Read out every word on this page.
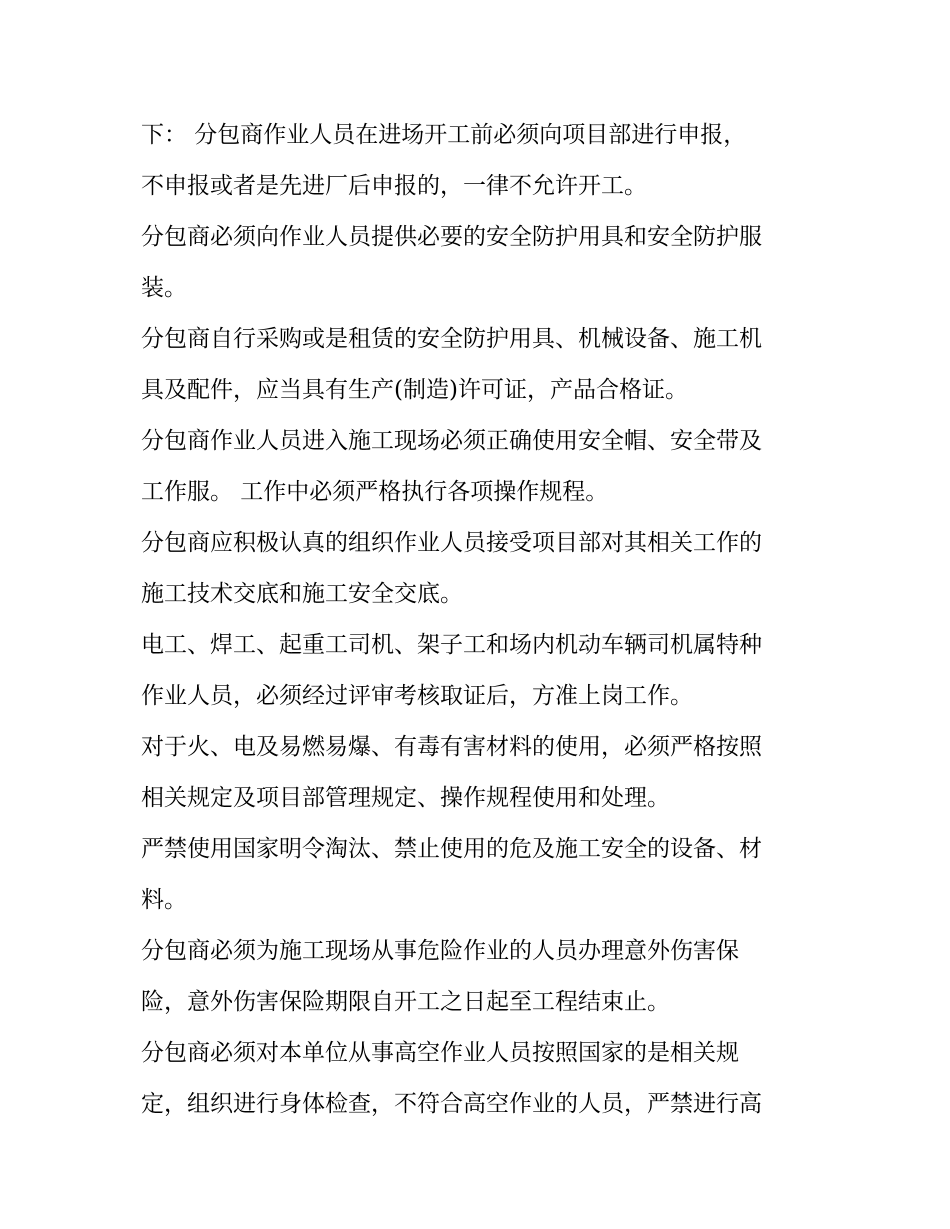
下： 分包商作业人员在进场开工前必须向项目部进行申报，
不申报或者是先进厂后申报的，一律不允许开工。
分包商必须向作业人员提供必要的安全防护用具和安全防护服
装。
分包商自行采购或是租赁的安全防护用具、机械设备、施工机
具及配件，应当具有生产(制造)许可证，产品合格证。
分包商作业人员进入施工现场必须正确使用安全帽、安全带及
工作服。 工作中必须严格执行各项操作规程。
分包商应积极认真的组织作业人员接受项目部对其相关工作的
施工技术交底和施工安全交底。
电工、焊工、起重工司机、架子工和场内机动车辆司机属特种
作业人员，必须经过评审考核取证后，方准上岗工作。
对于火、电及易燃易爆、有毒有害材料的使用，必须严格按照
相关规定及项目部管理规定、操作规程使用和处理。
严禁使用国家明令淘汰、禁止使用的危及施工安全的设备、材
料。
分包商必须为施工现场从事危险作业的人员办理意外伤害保
险，意外伤害保险期限自开工之日起至工程结束止。
分包商必须对本单位从事高空作业人员按照国家的是相关规
定，组织进行身体检查，不符合高空作业的人员，严禁进行高
